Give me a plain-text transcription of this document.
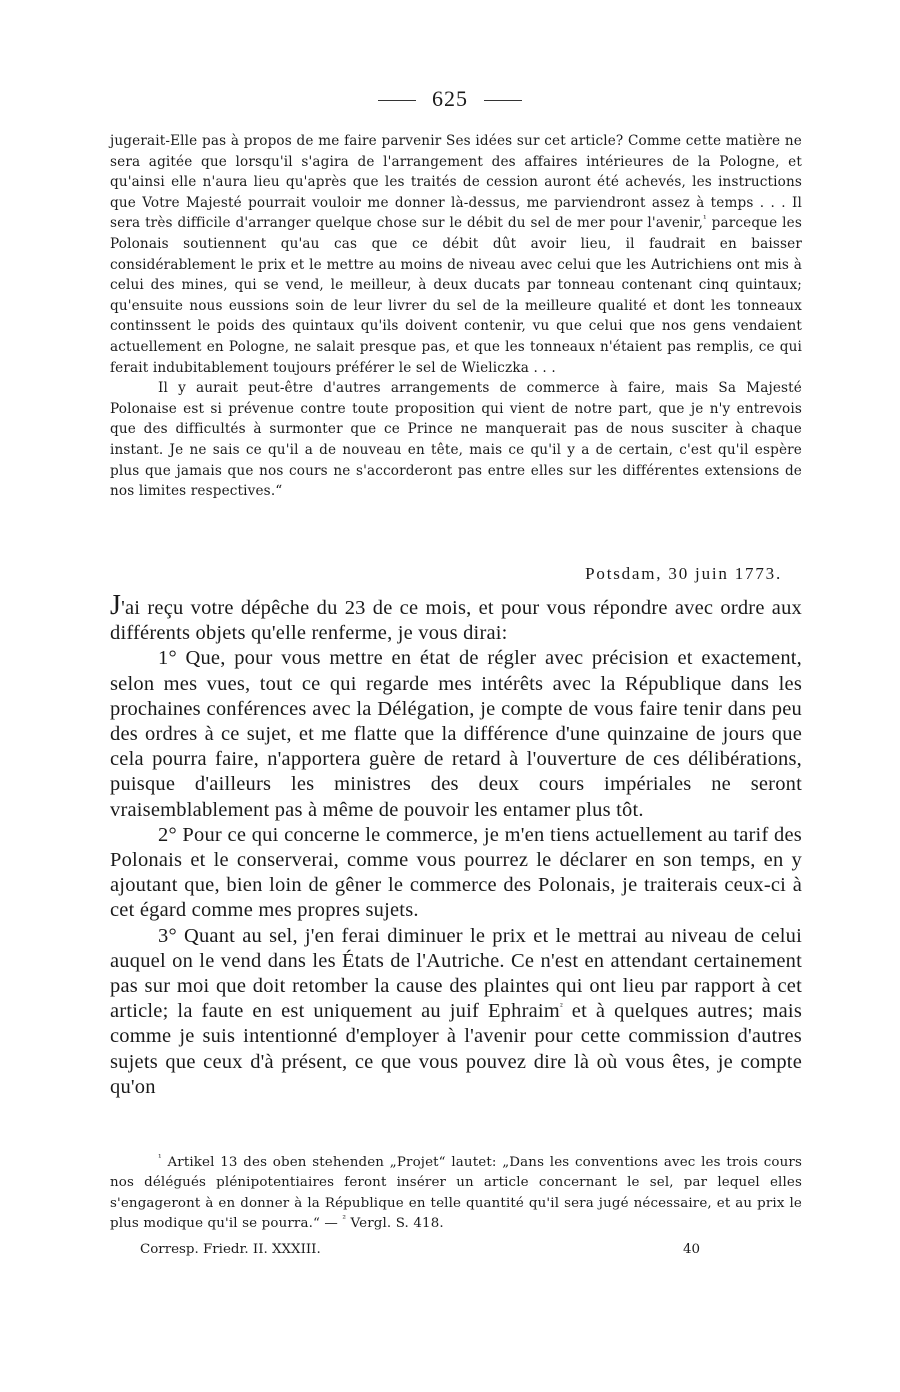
625

jugerait-Elle pas à propos de me faire parvenir Ses idées sur cet article? Comme cette matière ne sera agitée que lorsqu'il s'agira de l'arrangement des affaires intérieures de la Pologne, et qu'ainsi elle n'aura lieu qu'après que les traités de cession auront été achevés, les instructions que Votre Majesté pourrait vouloir me donner là-dessus, me parviendront assez à temps . . . Il sera très difficile d'arranger quelque chose sur le débit du sel de mer pour l'avenir,$^{^1}$ parceque les Polonais soutiennent qu'au cas que ce débit dût avoir lieu, il faudrait en baisser considérablement le prix et le mettre au moins de niveau avec celui que les Autrichiens ont mis à celui des mines, qui se vend, le meilleur, à deux ducats par tonneau contenant cinq quintaux; qu'ensuite nous eussions soin de leur livrer du sel de la meilleure qualité et dont les tonneaux continssent le poids des quintaux qu'ils doivent contenir, vu que celui que nos gens vendaient actuellement en Pologne, ne salait presque pas, et que les tonneaux n'étaient pas remplis, ce qui ferait indubitablement toujours préférer le sel de Wieliczka . . .

Il y aurait peut-être d'autres arrangements de commerce à faire, mais Sa Majesté Polonaise est si prévenue contre toute proposition qui vient de notre part, que je n'y entrevois que des difficultés à surmonter que ce Prince ne manquerait pas de nous susciter à chaque instant. Je ne sais ce qu'il a de nouveau en tête, mais ce qu'il y a de certain, c'est qu'il espère plus que jamais que nos cours ne s'accorderont pas entre elles sur les différentes extensions de nos limites respectives.“

Potsdam, 30 juin 1773.

J'ai reçu votre dépêche du 23 de ce mois, et pour vous répondre avec ordre aux différents objets qu'elle renferme, je vous dirai:

1° Que, pour vous mettre en état de régler avec précision et exactement, selon mes vues, tout ce qui regarde mes intérêts avec la République dans les prochaines conférences avec la Délégation, je compte de vous faire tenir dans peu des ordres à ce sujet, et me flatte que la différence d'une quinzaine de jours que cela pourra faire, n'apportera guère de retard à l'ouverture de ces délibérations, puisque d'ailleurs les ministres des deux cours impériales ne seront vraisemblablement pas à même de pouvoir les entamer plus tôt.

2° Pour ce qui concerne le commerce, je m'en tiens actuellement au tarif des Polonais et le conserverai, comme vous pourrez le déclarer en son temps, en y ajoutant que, bien loin de gêner le commerce des Polonais, je traiterais ceux-ci à cet égard comme mes propres sujets.

3° Quant au sel, j'en ferai diminuer le prix et le mettrai au niveau de celui auquel on le vend dans les États de l'Autriche. Ce n'est en attendant certainement pas sur moi que doit retomber la cause des plaintes qui ont lieu par rapport à cet article; la faute en est uniquement au juif Ephraim$^{^2}$ et à quelques autres; mais comme je suis intentionné d'employer à l'avenir pour cette commission d'autres sujets que ceux d'à présent, ce que vous pouvez dire là où vous êtes, je compte qu'on

$^{^1}$ Artikel 13 des oben stehenden „Projet“ lautet: „Dans les conventions avec les trois cours nos délégués plénipotentiaires feront insérer un article concernant le sel, par lequel elles s'engageront à en donner à la République en telle quantité qu'il sera jugé nécessaire, et au prix le plus modique qu'il se pourra.“ — $^{^2}$ Vergl. S. 418.

Corresp. Friedr. II. XXXIII.	40
